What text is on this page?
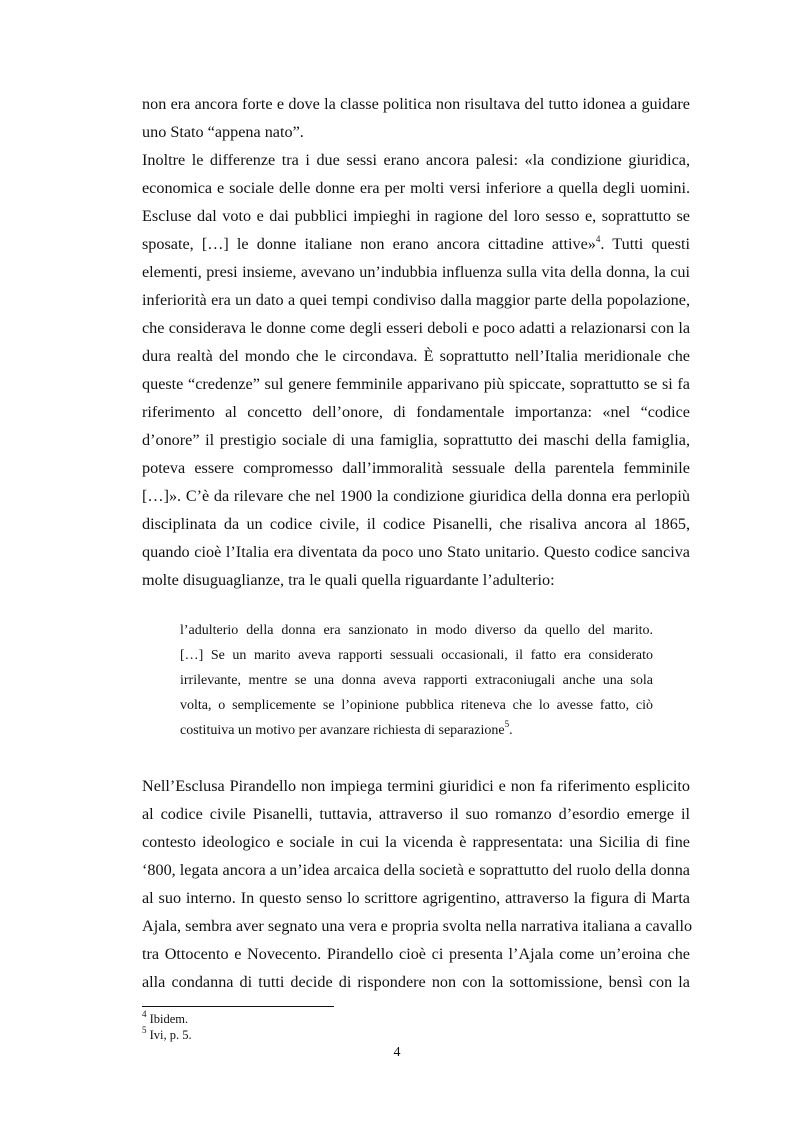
non era ancora forte e dove la classe politica non risultava del tutto idonea a guidare
uno Stato “appena nato”.
Inoltre le differenze tra i due sessi erano ancora palesi: «la condizione giuridica,
economica e sociale delle donne era per molti versi inferiore a quella degli uomini.
Escluse dal voto e dai pubblici impieghi in ragione del loro sesso e, soprattutto se
sposate, […] le donne italiane non erano ancora cittadine attive»$^4$. Tutti questi
elementi, presi insieme, avevano un’indubbia influenza sulla vita della donna, la cui
inferiorità era un dato a quei tempi condiviso dalla maggior parte della popolazione,
che considerava le donne come degli esseri deboli e poco adatti a relazionarsi con la
dura realtà del mondo che le circondava. È soprattutto nell’Italia meridionale che
queste “credenze” sul genere femminile apparivano più spiccate, soprattutto se si fa
riferimento al concetto dell’onore, di fondamentale importanza: «nel “codice
d’onore” il prestigio sociale di una famiglia, soprattutto dei maschi della famiglia,
poteva essere compromesso dall’immoralità sessuale della parentela femminile
[…]». C’è da rilevare che nel 1900 la condizione giuridica della donna era perlopiù
disciplinata da un codice civile, il codice Pisanelli, che risaliva ancora al 1865,
quando cioè l’Italia era diventata da poco uno Stato unitario. Questo codice sanciva
molte disuguaglianze, tra le quali quella riguardante l’adulterio:
l’adulterio della donna era sanzionato in modo diverso da quello del marito.
[…] Se un marito aveva rapporti sessuali occasionali, il fatto era considerato
irrilevante, mentre se una donna aveva rapporti extraconiugali anche una sola
volta, o semplicemente se l’opinione pubblica riteneva che lo avesse fatto, ciò
costituiva un motivo per avanzare richiesta di separazione$^5$.
Nell’Esclusa Pirandello non impiega termini giuridici e non fa riferimento esplicito
al codice civile Pisanelli, tuttavia, attraverso il suo romanzo d’esordio emerge il
contesto ideologico e sociale in cui la vicenda è rappresentata: una Sicilia di fine
‘800, legata ancora a un’idea arcaica della società e soprattutto del ruolo della donna
al suo interno. In questo senso lo scrittore agrigentino, attraverso la figura di Marta
Ajala, sembra aver segnato una vera e propria svolta nella narrativa italiana a cavallo
tra Ottocento e Novecento. Pirandello cioè ci presenta l’Ajala come un’eroina che
alla condanna di tutti decide di rispondere non con la sottomissione, bensì con la
$^4$ Ibidem.
$^5$ Ivi, p. 5.
4
